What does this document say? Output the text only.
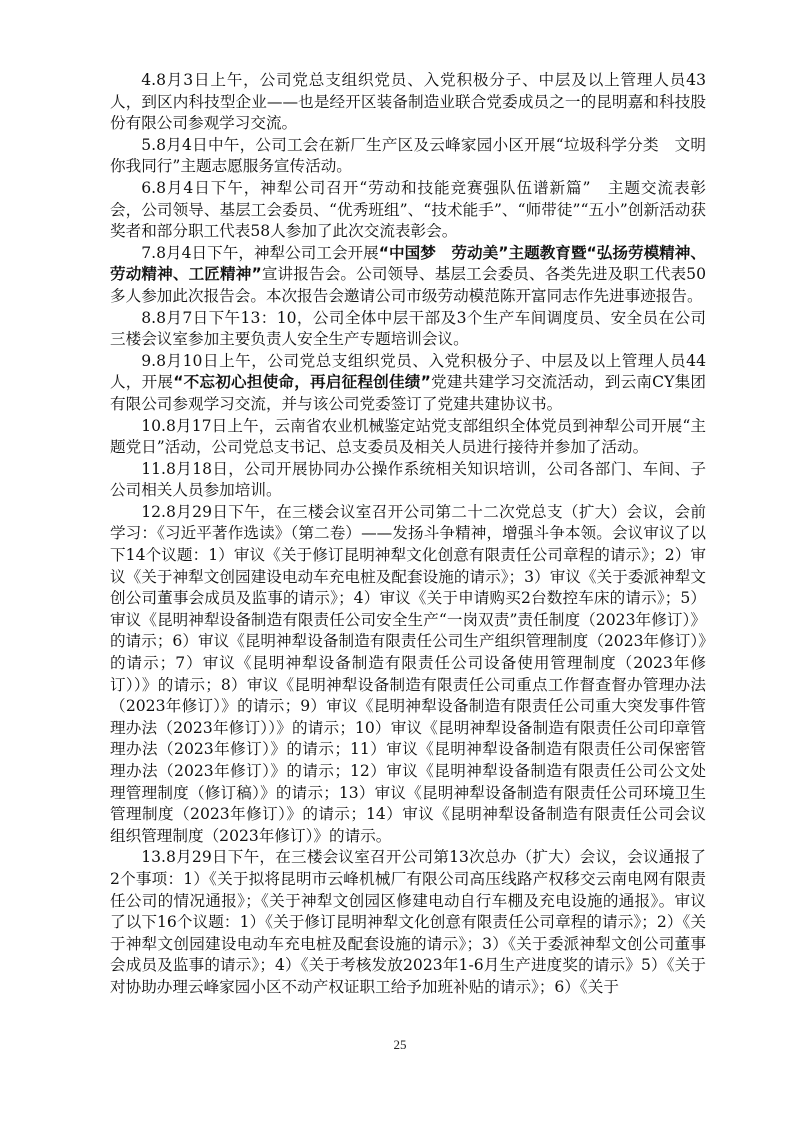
4.8月3日上午，公司党总支组织党员、入党积极分子、中层及以上管理人员43人，到区内科技型企业——也是经开区装备制造业联合党委成员之一的昆明嘉和科技股份有限公司参观学习交流。

5.8月4日中午，公司工会在新厂生产区及云峰家园小区开展“垃圾科学分类　文明你我同行”主题志愿服务宣传活动。

6.8月4日下午，神犁公司召开“劳动和技能竞赛强队伍谱新篇”　主题交流表彰会，公司领导、基层工会委员、“优秀班组”、“技术能手”、“师带徒”“五小”创新活动获奖者和部分职工代表58人参加了此次交流表彰会。

7.8月4日下午，神犁公司工会开展“中国梦　劳动美”主题教育暨“弘扬劳模精神、劳动精神、工匠精神”宣讲报告会。公司领导、基层工会委员、各类先进及职工代表50多人参加此次报告会。本次报告会邀请公司市级劳动模范陈开富同志作先进事迹报告。

8.8月7日下午13：10，公司全体中层干部及3个生产车间调度员、安全员在公司三楼会议室参加主要负责人安全生产专题培训会议。

9.8月10日上午，公司党总支组织党员、入党积极分子、中层及以上管理人员44人，开展“不忘初心担使命，再启征程创佳绩”党建共建学习交流活动，到云南CY集团有限公司参观学习交流，并与该公司党委签订了党建共建协议书。

10.8月17日上午，云南省农业机械鉴定站党支部组织全体党员到神犁公司开展“主题党日”活动，公司党总支书记、总支委员及相关人员进行接待并参加了活动。

11.8月18日，公司开展协同办公操作系统相关知识培训，公司各部门、车间、子公司相关人员参加培训。

12.8月29日下午，在三楼会议室召开公司第二十二次党总支（扩大）会议，会前学习：《习近平著作选读》（第二卷）——发扬斗争精神，增强斗争本领。会议审议了以下14个议题：1）审议《关于修订昆明神犁文化创意有限责任公司章程的请示》；2）审议《关于神犁文创园建设电动车充电桩及配套设施的请示》；3）审议《关于委派神犁文创公司董事会成员及监事的请示》；4）审议《关于申请购买2台数控车床的请示》；5）审议《昆明神犁设备制造有限责任公司安全生产“一岗双责”责任制度（2023年修订）》的请示；6）审议《昆明神犁设备制造有限责任公司生产组织管理制度（2023年修订）》的请示；7）审议《昆明神犁设备制造有限责任公司设备使用管理制度（2023年修订））》的请示；8）审议《昆明神犁设备制造有限责任公司重点工作督查督办管理办法（2023年修订）》的请示；9）审议《昆明神犁设备制造有限责任公司重大突发事件管理办法（2023年修订））》的请示；10）审议《昆明神犁设备制造有限责任公司印章管理办法（2023年修订）》的请示；11）审议《昆明神犁设备制造有限责任公司保密管理办法（2023年修订）》的请示；12）审议《昆明神犁设备制造有限责任公司公文处理管理制度（修订稿）》的请示；13）审议《昆明神犁设备制造有限责任公司环境卫生管理制度（2023年修订）》的请示；14）审议《昆明神犁设备制造有限责任公司会议组织管理制度（2023年修订）》的请示。

13.8月29日下午，在三楼会议室召开公司第13次总办（扩大）会议，会议通报了2个事项：1）《关于拟将昆明市云峰机械厂有限公司高压线路产权移交云南电网有限责任公司的情况通报》；《关于神犁文创园区修建电动自行车棚及充电设施的通报》。审议了以下16个议题：1）《关于修订昆明神犁文化创意有限责任公司章程的请示》；2）《关于神犁文创园建设电动车充电桩及配套设施的请示》；3）《关于委派神犁文创公司董事会成员及监事的请示》；4）《关于考核发放2023年1-6月生产进度奖的请示》5）《关于对协助办理云峰家园小区不动产权证职工给予加班补贴的请示》；6）《关于

25
